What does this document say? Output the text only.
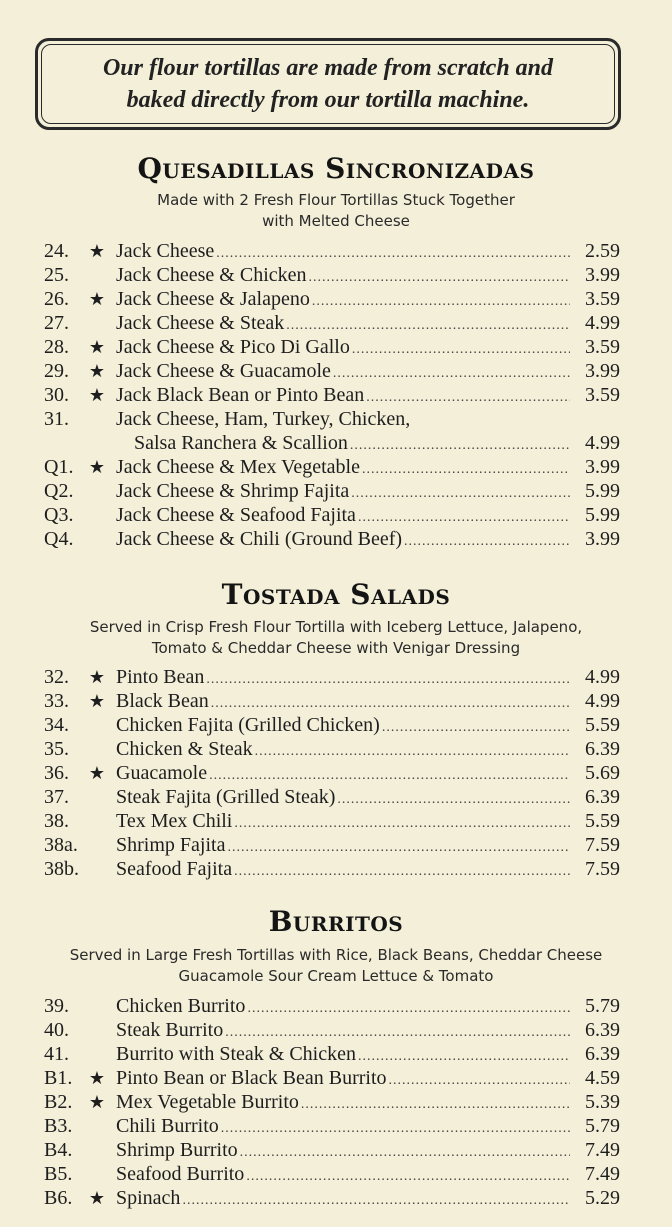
Our flour tortillas are made from scratch and
baked directly from our tortilla machine.
Quesadillas Sincronizadas
Made with 2 Fresh Flour Tortillas Stuck Together
with Melted Cheese
24.	★ Jack Cheese .....	2.59
25.	Jack Cheese & Chicken .....	3.99
26.	★ Jack Cheese & Jalapeno .....	3.59
27.	Jack Cheese & Steak .....	4.99
28.	★ Jack Cheese & Pico Di Gallo .....	3.59
29.	★ Jack Cheese & Guacamole .....	3.99
30.	★ Jack Black Bean or Pinto Bean .....	3.59
31.	Jack Cheese, Ham, Turkey, Chicken,
Salsa Ranchera & Scallion .....	4.99
Q1. ★ Jack Cheese & Mex Vegetable .....	3.99
Q2.	Jack Cheese & Shrimp Fajita .....	5.99
Q3.	Jack Cheese & Seafood Fajita .....	5.99
Q4.	Jack Cheese & Chili (Ground Beef) .....	3.99
Tostada Salads
Served in Crisp Fresh Flour Tortilla with Iceberg Lettuce, Jalapeno,
Tomato & Cheddar Cheese with Venigar Dressing
32.	★ Pinto Bean .....	4.99
33.	★ Black Bean .....	4.99
34.	Chicken Fajita (Grilled Chicken) .....	5.59
35.	Chicken & Steak .....	6.39
36.	★ Guacamole .....	5.69
37.	Steak Fajita (Grilled Steak) .....	6.39
38.	Tex Mex Chili .....	5.59
38a.	Shrimp Fajita .....	7.59
38b.	Seafood Fajita .....	7.59
Burritos
Served in Large Fresh Tortillas with Rice, Black Beans, Cheddar Cheese
Guacamole Sour Cream Lettuce & Tomato
39.	Chicken Burrito .....	5.79
40.	Steak Burrito .....	6.39
41.	Burrito with Steak & Chicken .....	6.39
B1. ★ Pinto Bean or Black Bean Burrito .....	4.59
B2. ★ Mex Vegetable Burrito .....	5.39
B3.	Chili Burrito .....	5.79
B4.	Shrimp Burrito .....	7.49
B5.	Seafood Burrito .....	7.49
B6. ★ Spinach .....	5.29
